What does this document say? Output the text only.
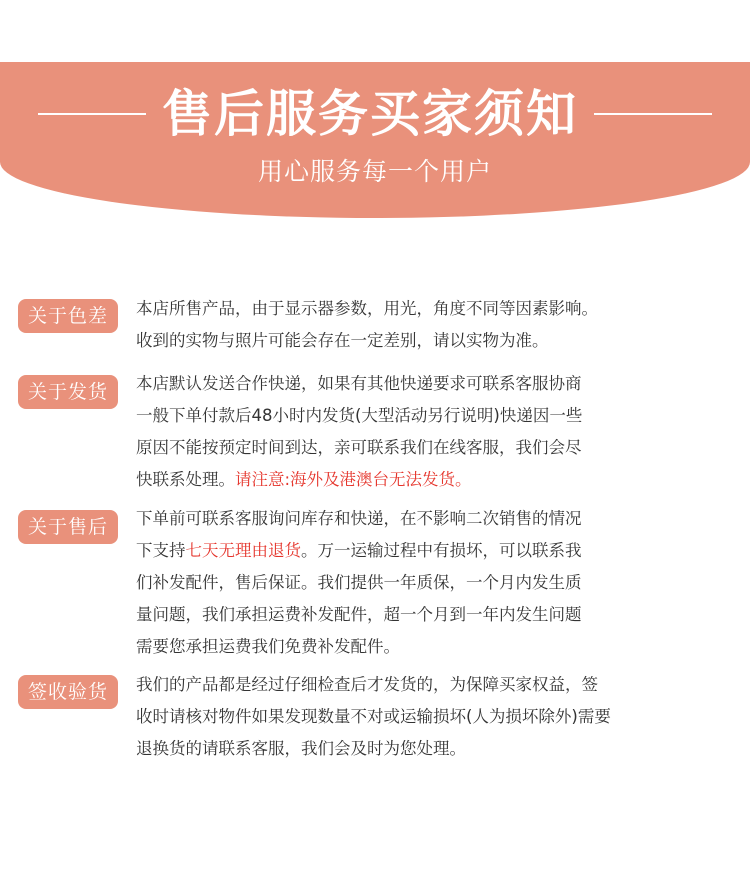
售后服务买家须知
用心服务每一个用户
关于色差	本店所售产品，由于显示器参数，用光，角度不同等因素影响。
收到的实物与照片可能会存在一定差别，请以实物为准。
关于发货	本店默认发送合作快递，如果有其他快递要求可联系客服协商
一般下单付款后48小时内发货(大型活动另行说明)快递因一些
原因不能按预定时间到达，亲可联系我们在线客服，我们会尽
快联系处理。请注意:海外及港澳台无法发货。
关于售后	下单前可联系客服询问库存和快递，在不影响二次销售的情况
下支持七天无理由退货。万一运输过程中有损坏，可以联系我
们补发配件，售后保证。我们提供一年质保，一个月内发生质
量问题，我们承担运费补发配件，超一个月到一年内发生问题
需要您承担运费我们免费补发配件。
签收验货	我们的产品都是经过仔细检查后才发货的，为保障买家权益，签
收时请核对物件如果发现数量不对或运输损坏(人为损坏除外)需要
退换货的请联系客服，我们会及时为您处理。
